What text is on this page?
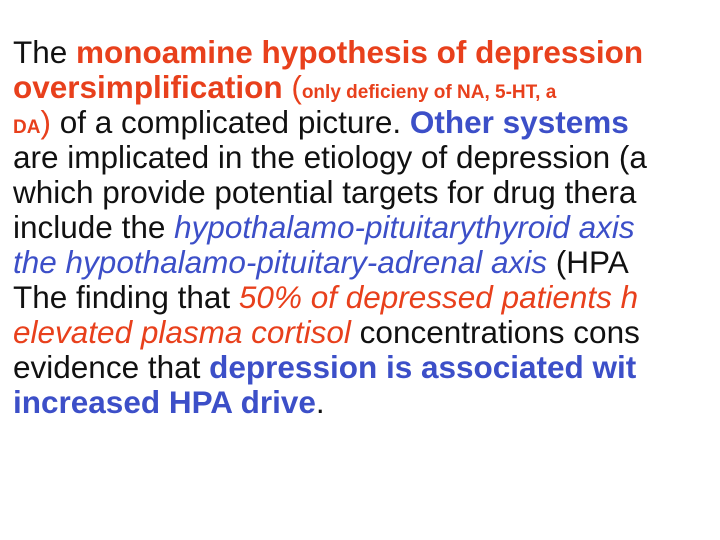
The monoamine hypothesis of depression
oversimplification (only deficieny of NA, 5-HT, a
DA) of a complicated picture. Other systems
are implicated in the etiology of depression (a
which provide potential targets for drug thera
include the hypothalamo-pituitarythyroid axis
the hypothalamo-pituitary-adrenal axis (HPA
The finding that 50% of depressed patients h
elevated plasma cortisol concentrations cons
evidence that depression is associated wit
increased HPA drive.
